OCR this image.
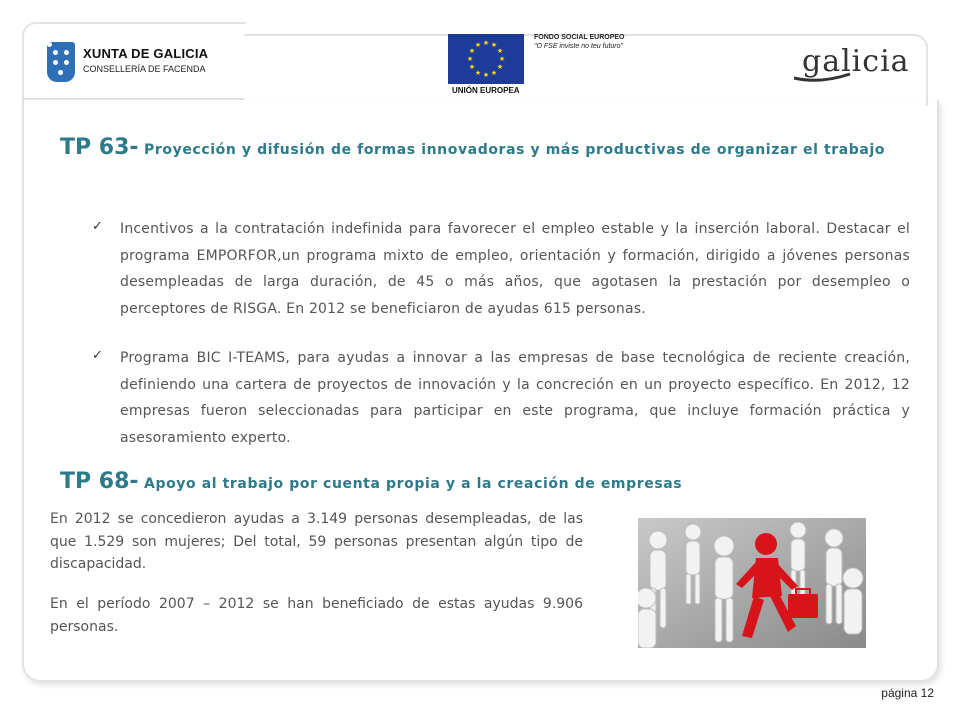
XUNTA DE GALICIA
CONSELLERÍA DE FACENDA
★ ★
★
★
★
★
★
★
★
★
★
★
UNIÓN EUROPEA
FONDO SOCIAL EUROPEO
"O FSE inviste no teu futuro"	galicia
TP 63- Proyección y difusión de formas innovadoras y más productivas de organizar el trabajo
✓ Incentivos a la contratación indefinida para favorecer el empleo estable y la inserción laboral. Destacar el programa EMPORFOR,un programa mixto de empleo, orientación y formación, dirigido a jóvenes personas desempleadas de larga duración, de 45 o más años, que agotasen la prestación por desempleo o perceptores de RISGA. En 2012 se beneficiaron de ayudas 615 personas.
✓ Programa BIC I-TEAMS, para ayudas a innovar a las empresas de base tecnológica de reciente creación, definiendo una cartera de proyectos de innovación y la concreción en un proyecto específico. En 2012, 12 empresas fueron seleccionadas para participar en este programa, que incluye formación práctica y asesoramiento experto.
TP 68- Apoyo al trabajo por cuenta propia y a la creación de empresas
En 2012 se concedieron ayudas a 3.149 personas desempleadas, de las que 1.529 son mujeres; Del total, 59 personas presentan algún tipo de discapacidad.
En el período 2007 – 2012 se han beneficiado de estas ayudas 9.906 personas.
página 12
